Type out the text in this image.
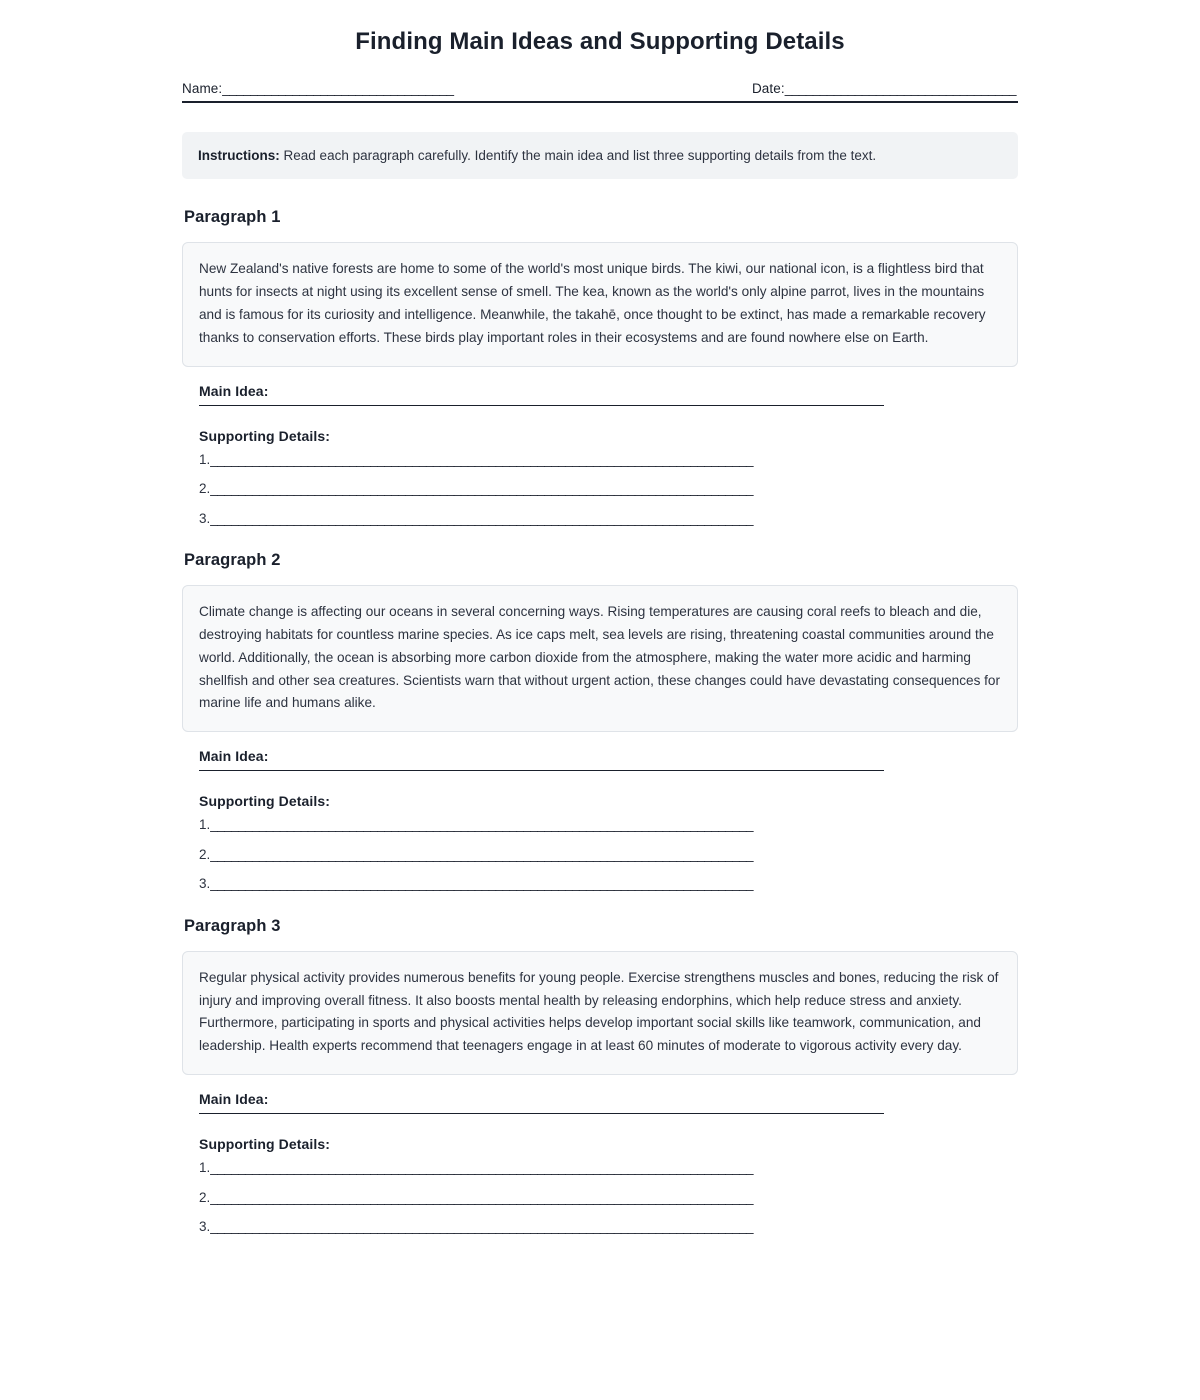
Finding Main Ideas and Supporting Details
Name:_________________________________	Date:_________________________________
Instructions: Read each paragraph carefully. Identify the main idea and list three supporting details from the text.
Paragraph 1
New Zealand's native forests are home to some of the world's most unique birds. The kiwi, our national icon, is a flightless bird that hunts for insects at night using its excellent sense of smell. The kea, known as the world's only alpine parrot, lives in the mountains and is famous for its curiosity and intelligence. Meanwhile, the takahē, once thought to be extinct, has made a remarkable recovery thanks to conservation efforts. These birds play important roles in their ecosystems and are found nowhere else on Earth.
Main Idea:
Supporting Details:
1.______________________________________________________________________________
2.______________________________________________________________________________
3.______________________________________________________________________________
Paragraph 2
Climate change is affecting our oceans in several concerning ways. Rising temperatures are causing coral reefs to bleach and die, destroying habitats for countless marine species. As ice caps melt, sea levels are rising, threatening coastal communities around the world. Additionally, the ocean is absorbing more carbon dioxide from the atmosphere, making the water more acidic and harming shellfish and other sea creatures. Scientists warn that without urgent action, these changes could have devastating consequences for marine life and humans alike.
Main Idea:
Supporting Details:
1.______________________________________________________________________________
2.______________________________________________________________________________
3.______________________________________________________________________________
Paragraph 3
Regular physical activity provides numerous benefits for young people. Exercise strengthens muscles and bones, reducing the risk of injury and improving overall fitness. It also boosts mental health by releasing endorphins, which help reduce stress and anxiety. Furthermore, participating in sports and physical activities helps develop important social skills like teamwork, communication, and leadership. Health experts recommend that teenagers engage in at least 60 minutes of moderate to vigorous activity every day.
Main Idea:
Supporting Details:
1.______________________________________________________________________________
2.______________________________________________________________________________
3.______________________________________________________________________________
